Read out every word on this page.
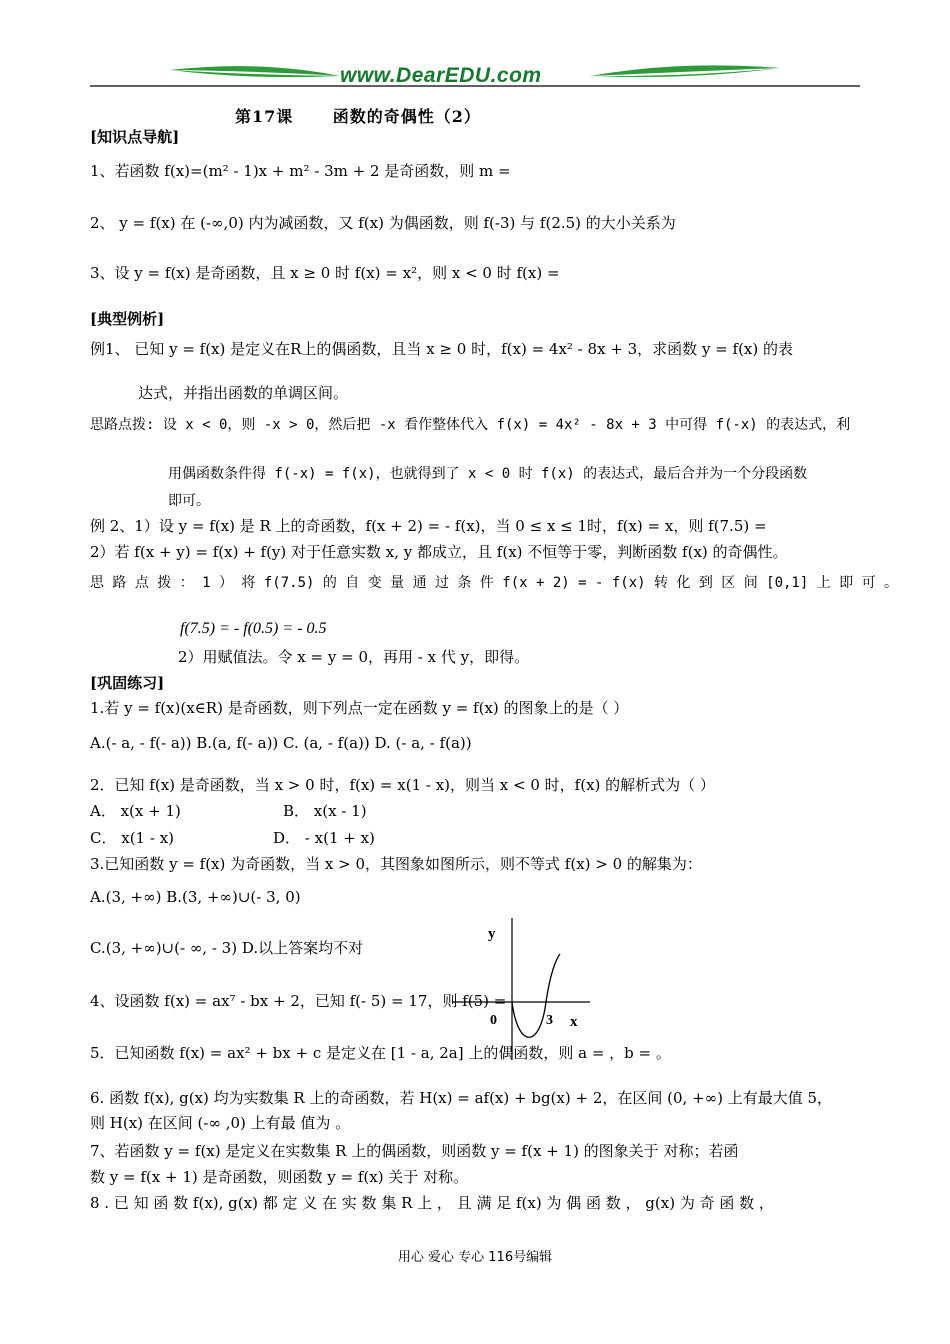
www.DearEDU.com
第17课 函数的奇偶性（2）
[知识点导航]
1、若函数 f(x)=(m² - 1)x + m² - 3m + 2 是奇函数，则 m =
2、 y = f(x) 在 (-∞,0) 内为减函数，又 f(x) 为偶函数，则 f(-3) 与 f(2.5) 的大小关系为
3、设 y = f(x) 是奇函数，且 x ≥ 0 时 f(x) = x²，则 x < 0 时 f(x) =
[典型例析]
例1、 已知 y = f(x) 是定义在R上的偶函数，且当 x ≥ 0 时，f(x) = 4x² - 8x + 3，求函数 y = f(x) 的表
达式，并指出函数的单调区间。
思路点拨: 设 x < 0，则 -x > 0，然后把 -x 看作整体代入 f(x) = 4x² - 8x + 3 中可得 f(-x) 的表达式，利
用偶函数条件得 f(-x) = f(x)，也就得到了 x < 0 时 f(x) 的表达式，最后合并为一个分段函数
即可。
例 2、1）设 y = f(x) 是 R 上的奇函数，f(x + 2) = - f(x)，当 0 ≤ x ≤ 1时，f(x) = x，则 f(7.5) =
2）若 f(x + y) = f(x) + f(y) 对于任意实数 x, y 都成立，且 f(x) 不恒等于零，判断函数 f(x) 的奇偶性。
思 路 点 拨 ： 1 ） 将 f(7.5) 的 自 变 量 通 过 条 件 f(x + 2) = - f(x) 转 化 到 区 间 [0,1] 上 即 可 。
f(7.5) = - f(0.5) = - 0.5
2）用赋值法。令 x = y = 0，再用 - x 代 y，即得。
[巩固练习]
1.若 y = f(x)(x∈R) 是奇函数，则下列点一定在函数 y = f(x) 的图象上的是（ ）
A.(- a, - f(- a)) B.(a, f(- a)) C. (a, - f(a)) D. (- a, - f(a))
2．已知 f(x) 是奇函数，当 x > 0 时，f(x) = x(1 - x)，则当 x < 0 时，f(x) 的解析式为（ ）
A． x(x + 1)	B． x(x - 1)
C． x(1 - x)	D． - x(1 + x)
3.已知函数 y = f(x) 为奇函数，当 x > 0，其图象如图所示，则不等式 f(x) > 0 的解集为：
A.(3, +∞) B.(3, +∞)∪(- 3, 0)
C.(3, +∞)∪(- ∞, - 3) D.以上答案均不对
y
x
0	3
4、设函数 f(x) = ax⁷ - bx + 2，已知 f(- 5) = 17，则 f(5) =
5．已知函数 f(x) = ax² + bx + c 是定义在 [1 - a, 2a] 上的偶函数，则 a = ，b = 。
6. 函数 f(x), g(x) 均为实数集 R 上的奇函数，若 H(x) = af(x) + bg(x) + 2，在区间 (0, +∞) 上有最大值 5，
则 H(x) 在区间 (-∞ ,0) 上有最 值为 。
7、若函数 y = f(x) 是定义在实数集 R 上的偶函数，则函数 y = f(x + 1) 的图象关于 对称；若函
数 y = f(x + 1) 是奇函数，则函数 y = f(x) 关于 对称。
8 . 已 知 函 数 f(x), g(x) 都 定 义 在 实 数 集 R 上 ， 且 满 足 f(x) 为 偶 函 数 ， g(x) 为 奇 函 数 ，
用心 爱心 专心 116号编辑
